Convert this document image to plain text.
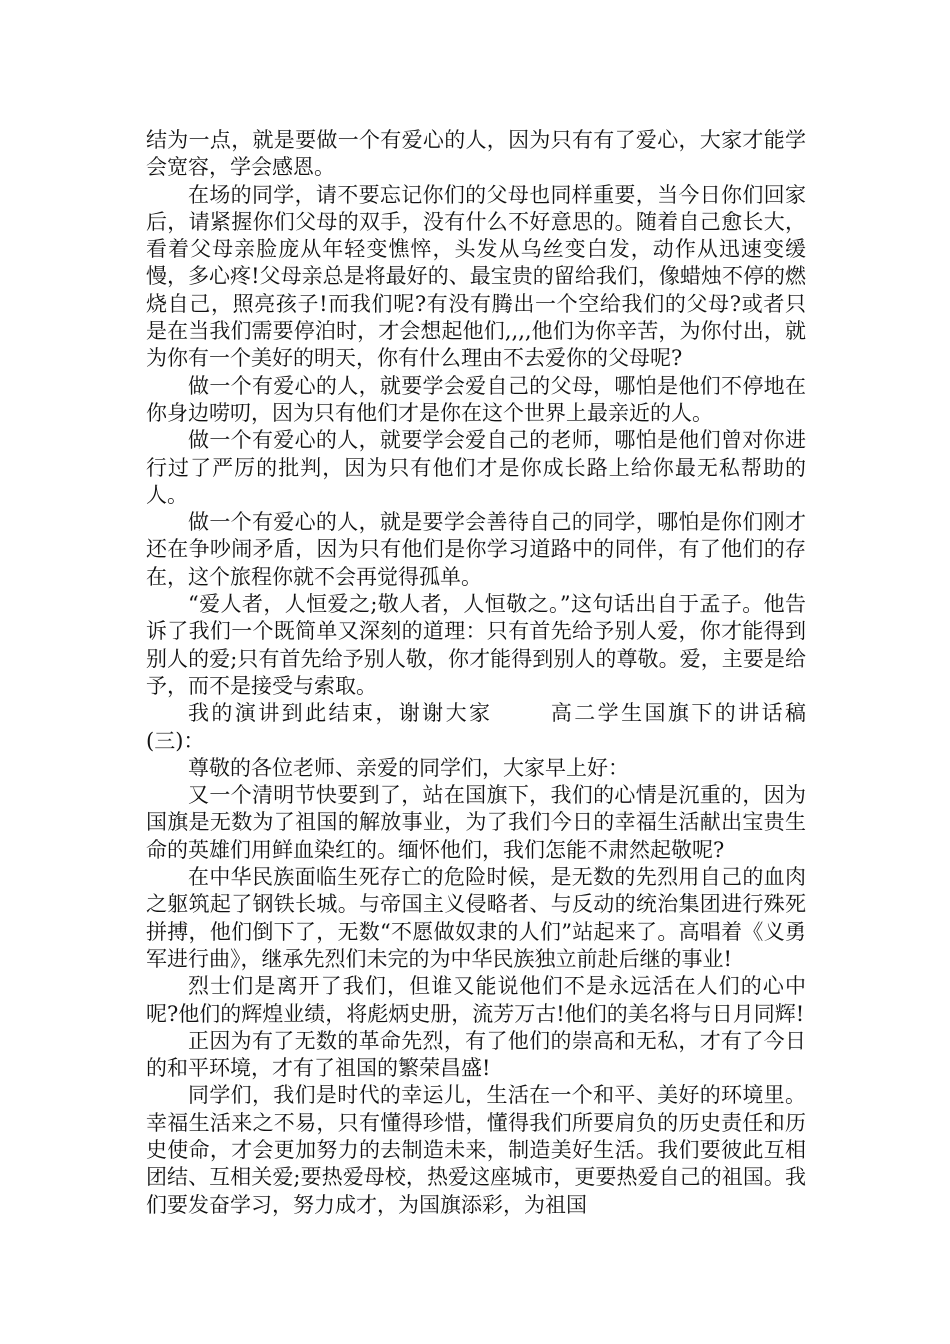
结为一点，就是要做一个有爱心的人，因为只有有了爱心，大家才能学会宽容，学会感恩。

在场的同学，请不要忘记你们的父母也同样重要，当今日你们回家后，请紧握你们父母的双手，没有什么不好意思的。随着自己愈长大，看着父母亲脸庞从年轻变憔悴，头发从乌丝变白发，动作从迅速变缓慢，多心疼!父母亲总是将最好的、最宝贵的留给我们，像蜡烛不停的燃烧自己，照亮孩子!而我们呢?有没有腾出一个空给我们的父母?或者只是在当我们需要停泊时，才会想起他们,,,,他们为你辛苦，为你付出，就为你有一个美好的明天，你有什么理由不去爱你的父母呢?

做一个有爱心的人，就要学会爱自己的父母，哪怕是他们不停地在你身边唠叨，因为只有他们才是你在这个世界上最亲近的人。

做一个有爱心的人，就要学会爱自己的老师，哪怕是他们曾对你进行过了严厉的批判，因为只有他们才是你成长路上给你最无私帮助的人。

做一个有爱心的人，就是要学会善待自己的同学，哪怕是你们刚才还在争吵闹矛盾，因为只有他们是你学习道路中的同伴，有了他们的存在，这个旅程你就不会再觉得孤单。

“爱人者，人恒爱之;敬人者，人恒敬之。”这句话出自于孟子。他告诉了我们一个既简单又深刻的道理：只有首先给予别人爱，你才能得到别人的爱;只有首先给予别人敬，你才能得到别人的尊敬。爱，主要是给予，而不是接受与索取。

我的演讲到此结束，谢谢大家	高二学生国旗下的讲话稿(三)：

尊敬的各位老师、亲爱的同学们，大家早上好：

又一个清明节快要到了，站在国旗下，我们的心情是沉重的，因为国旗是无数为了祖国的解放事业，为了我们今日的幸福生活献出宝贵生命的英雄们用鲜血染红的。缅怀他们，我们怎能不肃然起敬呢?

在中华民族面临生死存亡的危险时候，是无数的先烈用自己的血肉之躯筑起了钢铁长城。与帝国主义侵略者、与反动的统治集团进行殊死拼搏，他们倒下了，无数“不愿做奴隶的人们”站起来了。高唱着《义勇军进行曲》，继承先烈们未完的为中华民族独立前赴后继的事业!

烈士们是离开了我们，但谁又能说他们不是永远活在人们的心中呢?他们的辉煌业绩，将彪炳史册，流芳万古!他们的美名将与日月同辉!

正因为有了无数的革命先烈，有了他们的崇高和无私，才有了今日的和平环境，才有了祖国的繁荣昌盛!

同学们，我们是时代的幸运儿，生活在一个和平、美好的环境里。幸福生活来之不易，只有懂得珍惜，懂得我们所要肩负的历史责任和历史使命，才会更加努力的去制造未来，制造美好生活。我们要彼此互相团结、互相关爱;要热爱母校，热爱这座城市，更要热爱自己的祖国。我们要发奋学习，努力成才，为国旗添彩，为祖国
